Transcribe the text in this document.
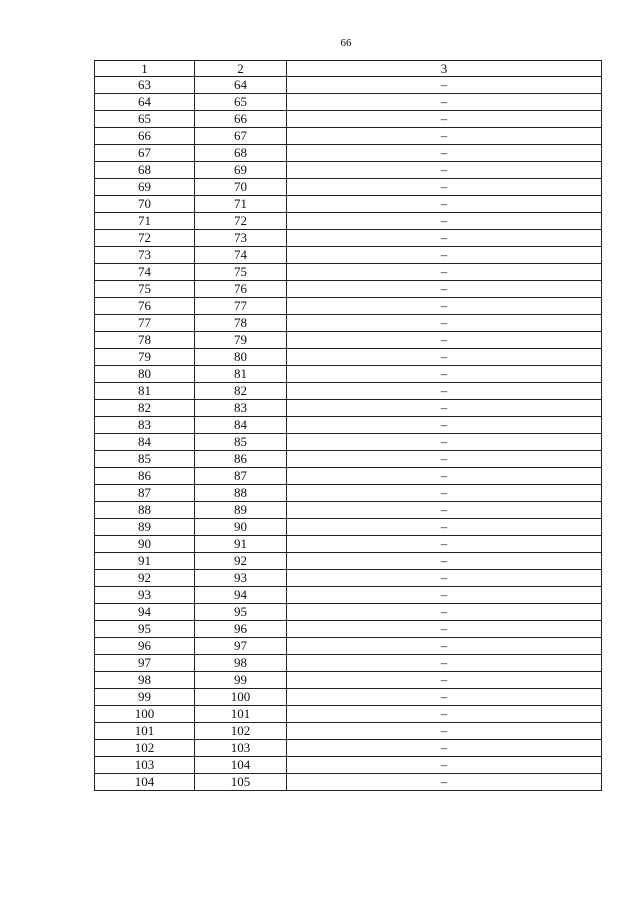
66
1	2	3
63	64	–
64	65	–
65	66	–
66	67	–
67	68	–
68	69	–
69	70	–
70	71	–
71	72	–
72	73	–
73	74	–
74	75	–
75	76	–
76	77	–
77	78	–
78	79	–
79	80	–
80	81	–
81	82	–
82	83	–
83	84	–
84	85	–
85	86	–
86	87	–
87	88	–
88	89	–
89	90	–
90	91	–
91	92	–
92	93	–
93	94	–
94	95	–
95	96	–
96	97	–
97	98	–
98	99	–
99	100	–
100	101	–
101	102	–
102	103	–
103	104	–
104	105	–
